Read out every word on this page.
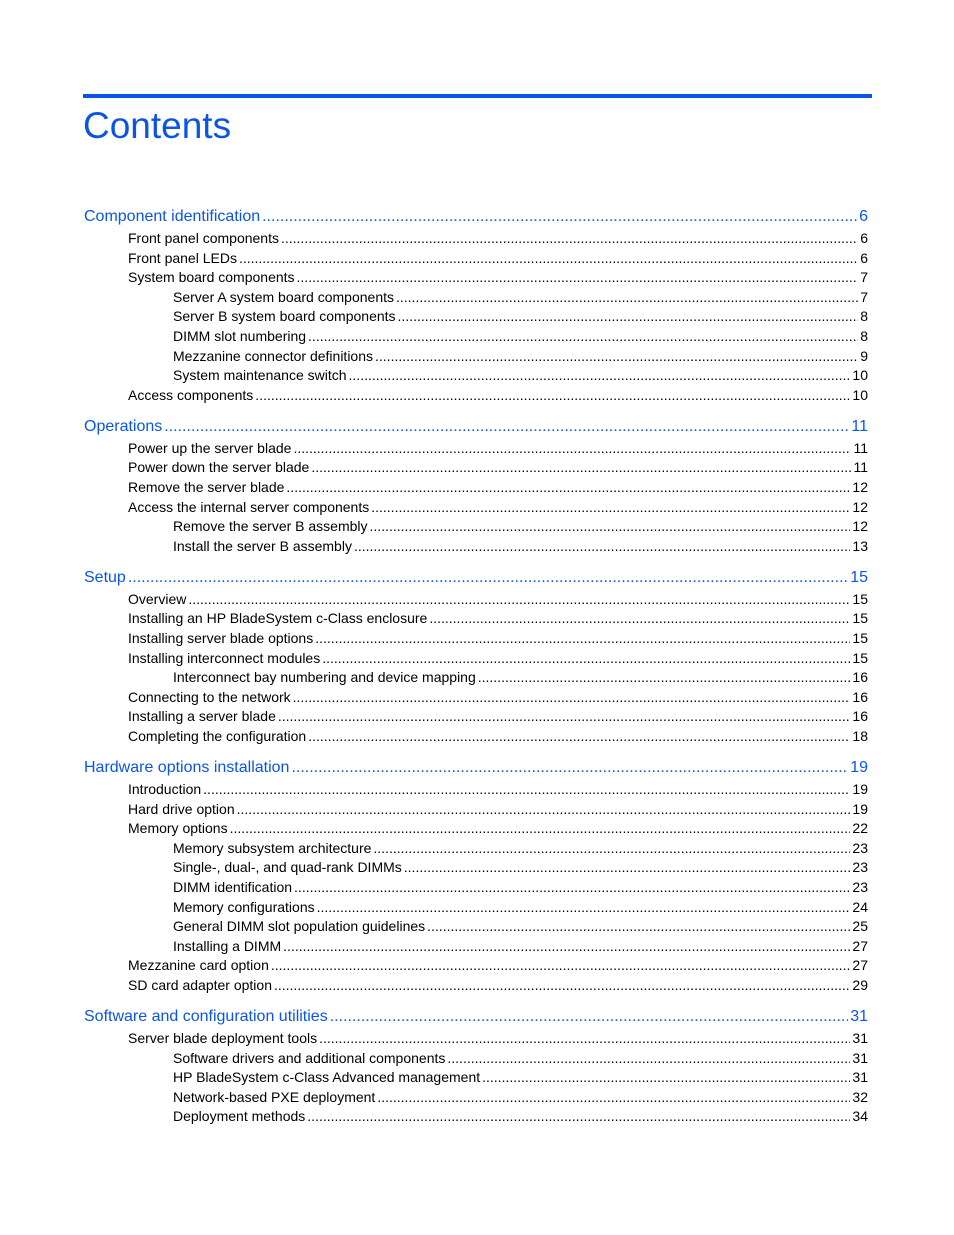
Contents
Component identification .....	6
Front panel components .....	6
Front panel LEDs .....	6
System board components .....	7
Server A system board components .....	7
Server B system board components .....	8
DIMM slot numbering .....	8
Mezzanine connector definitions .....	9
System maintenance switch .....	10
Access components .....	10
Operations .....	11
Power up the server blade .....	11
Power down the server blade .....	11
Remove the server blade .....	12
Access the internal server components .....	12
Remove the server B assembly .....	12
Install the server B assembly .....	13
Setup .....	15
Overview .....	15
Installing an HP BladeSystem c-Class enclosure .....	15
Installing server blade options .....	15
Installing interconnect modules .....	15
Interconnect bay numbering and device mapping .....	16
Connecting to the network .....	16
Installing a server blade .....	16
Completing the configuration .....	18
Hardware options installation .....	19
Introduction .....	19
Hard drive option .....	19
Memory options .....	22
Memory subsystem architecture .....	23
Single-, dual-, and quad-rank DIMMs .....	23
DIMM identification .....	23
Memory configurations .....	24
General DIMM slot population guidelines .....	25
Installing a DIMM .....	27
Mezzanine card option .....	27
SD card adapter option .....	29
Software and configuration utilities .....	31
Server blade deployment tools .....	31
Software drivers and additional components .....	31
HP BladeSystem c-Class Advanced management .....	31
Network-based PXE deployment .....	32
Deployment methods .....	34
